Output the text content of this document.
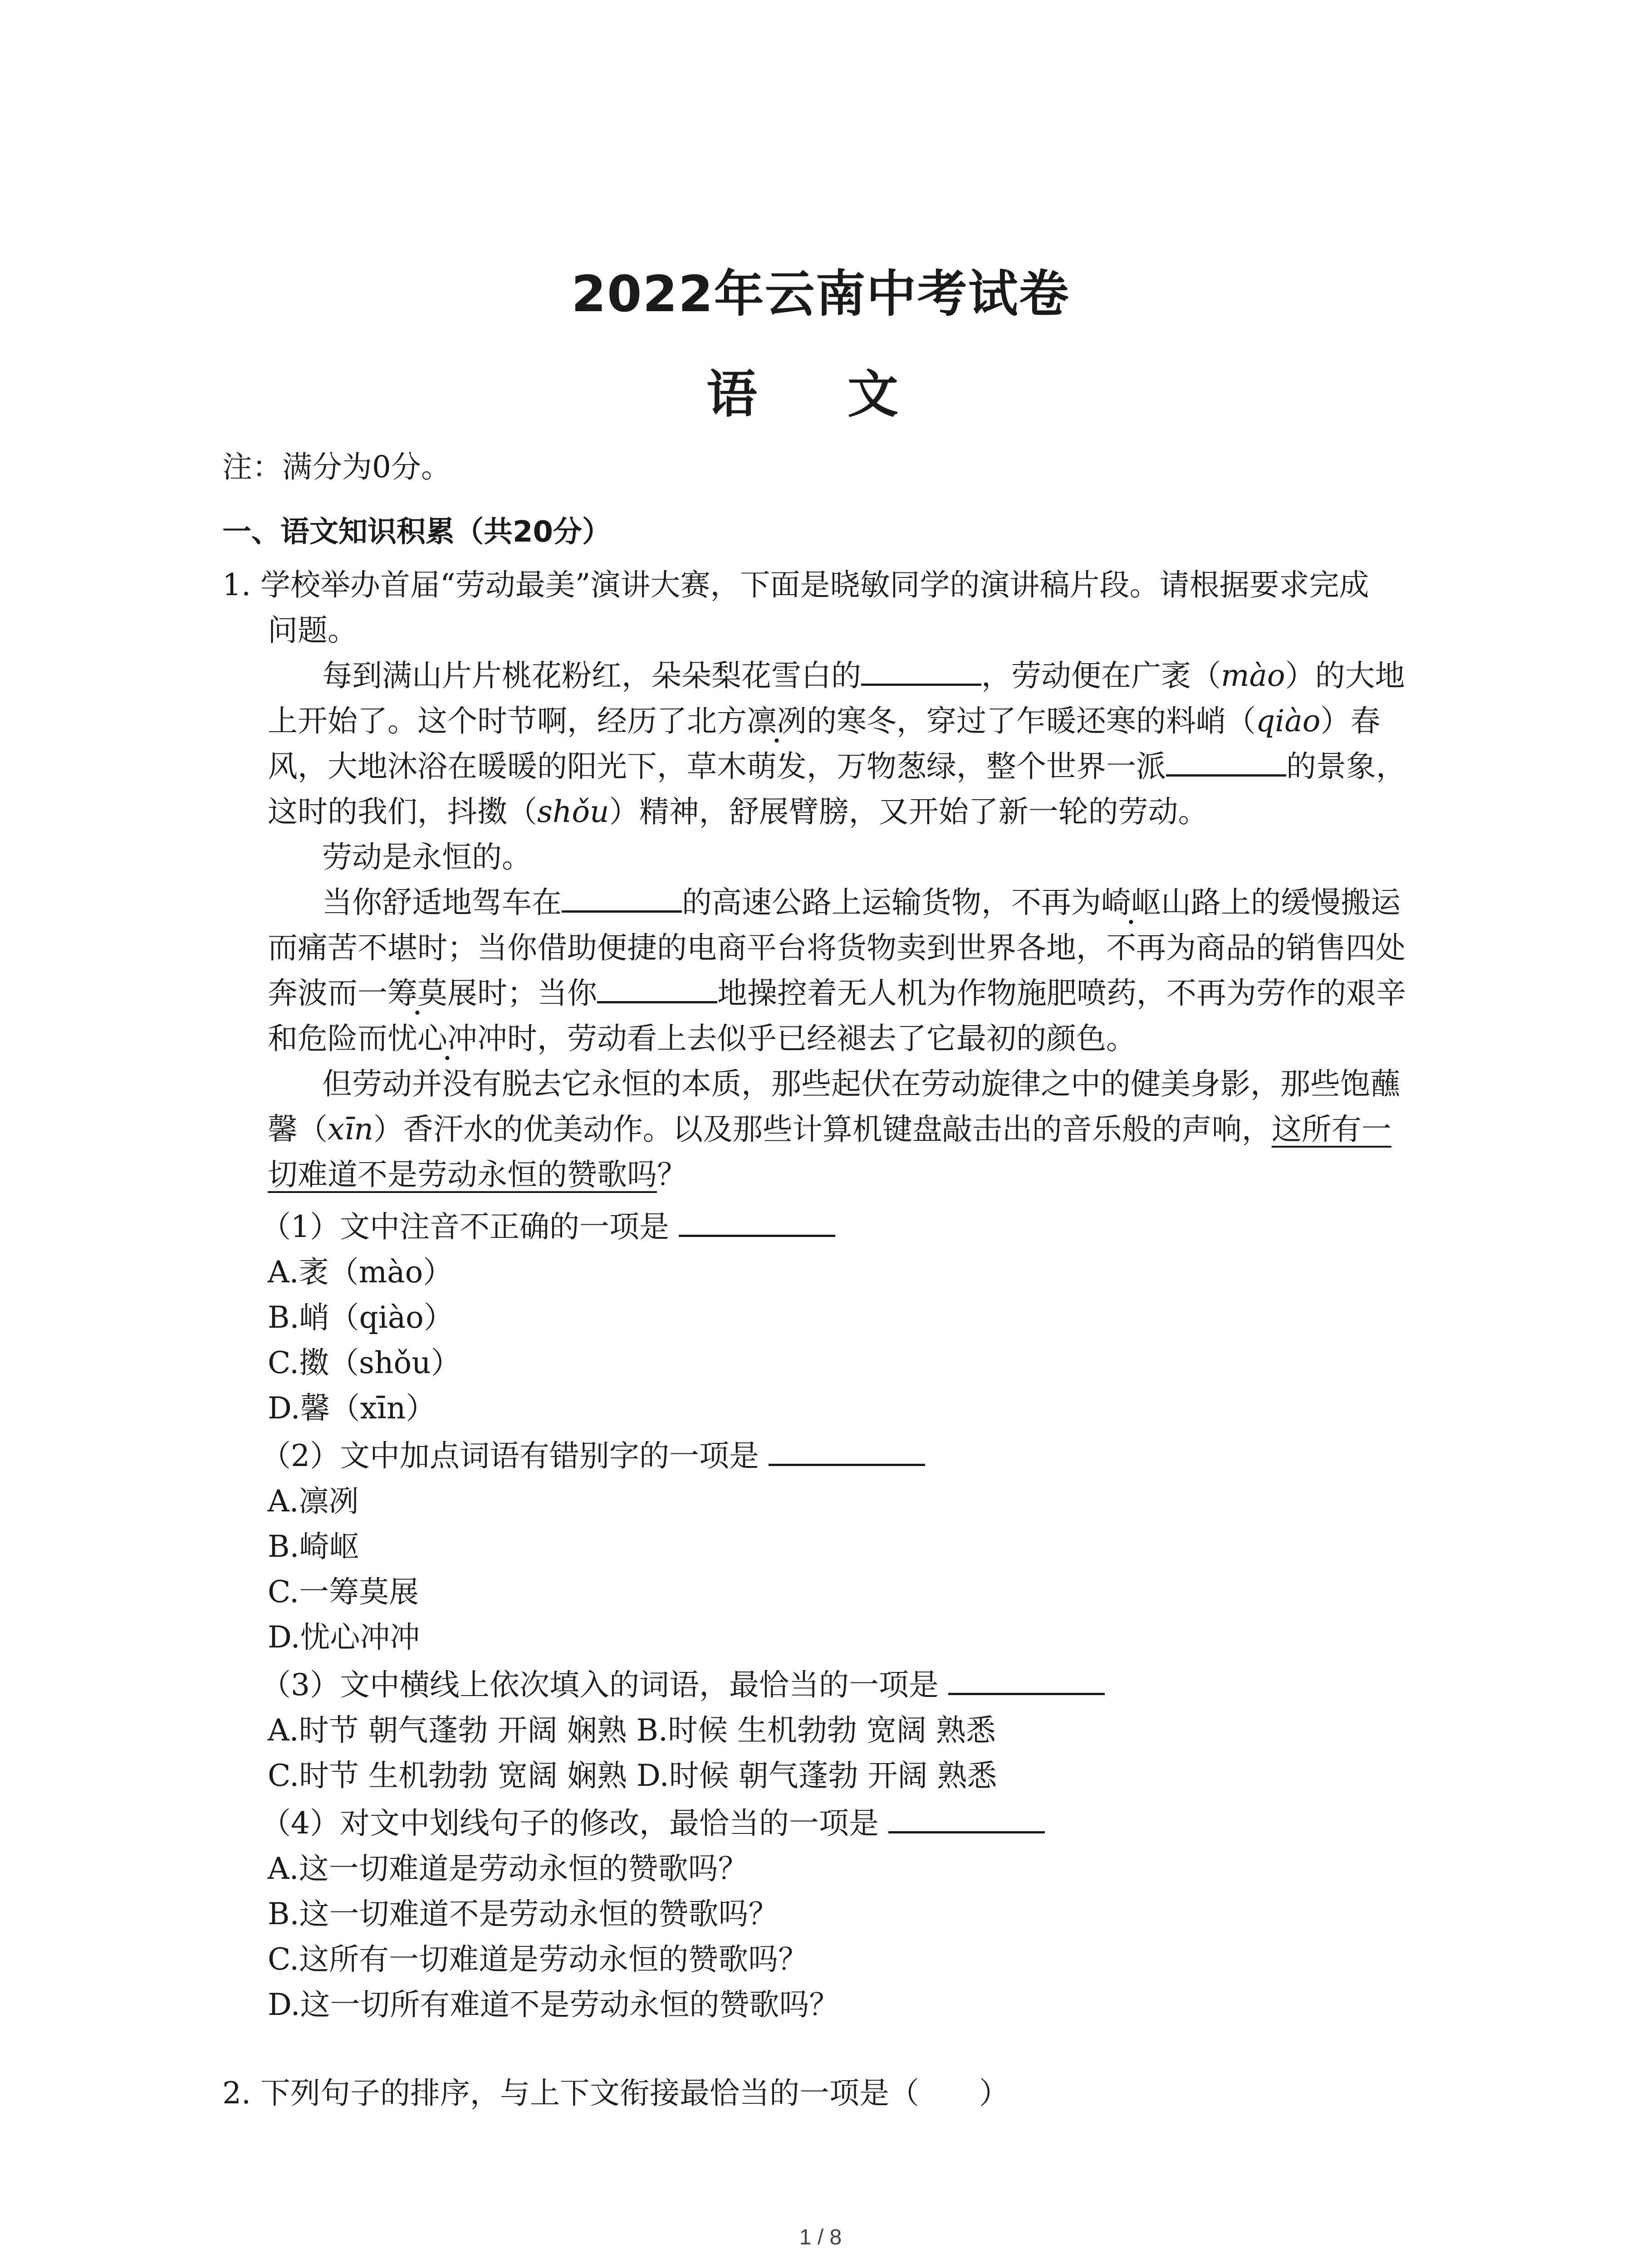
2022年云南中考试卷
语 文
注：满分为0分。
一、语文知识积累（共20分）
1. 学校举办首届“劳动最美”演讲大赛，下面是晓敏同学的演讲稿片段。请根据要求完成
问题。
每到满山片片桃花粉红，朵朵梨花雪白的	，劳动便在广袤（mào）的大地
上开始了。这个时节啊，经历了北方凛冽的寒冬，穿过了乍暖还寒的料峭（qiào）春
风，大地沐浴在暖暖的阳光下，草木萌发，万物葱绿，整个世界一派	的景象，
这时的我们，抖擞（shǒu）精神，舒展臂膀，又开始了新一轮的劳动。
劳动是永恒的。
当你舒适地驾车在	的高速公路上运输货物，不再为崎岖山路上的缓慢搬运
而痛苦不堪时；当你借助便捷的电商平台将货物卖到世界各地，不再为商品的销售四处
奔波而一筹莫展时；当你	地操控着无人机为作物施肥喷药，不再为劳作的艰辛
和危险而忧心冲冲时，劳动看上去似乎已经褪去了它最初的颜色。
但劳动并没有脱去它永恒的本质，那些起伏在劳动旋律之中的健美身影，那些饱蘸
馨（xīn）香汗水的优美动作。以及那些计算机键盘敲击出的音乐般的声响，这所有一
切难道不是劳动永恒的赞歌吗？
（1）文中注音不正确的一项是
A.袤（mào）
B.峭（qiào）
C.擞（shǒu）
D.馨（xīn）
（2）文中加点词语有错别字的一项是
A.凛冽
B.崎岖
C.一筹莫展
D.忧心冲冲
（3）文中横线上依次填入的词语，最恰当的一项是
A.时节 朝气蓬勃 开阔 娴熟 B.时候 生机勃勃 宽阔 熟悉
C.时节 生机勃勃 宽阔 娴熟 D.时候 朝气蓬勃 开阔 熟悉
（4）对文中划线句子的修改，最恰当的一项是
A.这一切难道是劳动永恒的赞歌吗？
B.这一切难道不是劳动永恒的赞歌吗？
C.这所有一切难道是劳动永恒的赞歌吗？
D.这一切所有难道不是劳动永恒的赞歌吗？
2. 下列句子的排序，与上下文衔接最恰当的一项是（　　）
1 / 8
